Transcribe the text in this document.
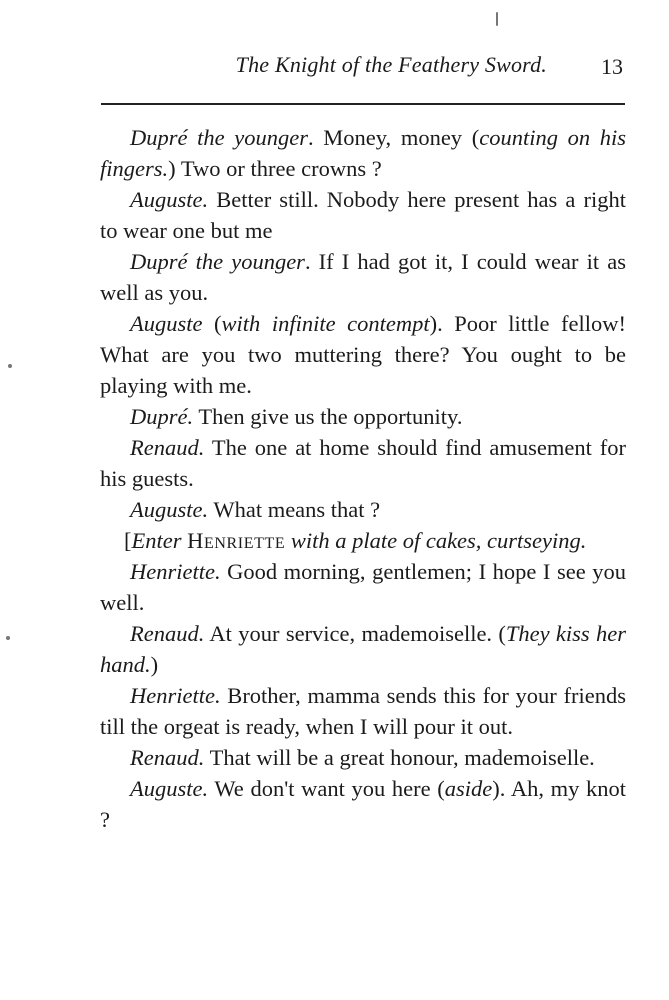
The Knight of the Feathery Sword. 13

Dupré the younger. Money, money (counting on his fingers.) Two or three crowns ?

Auguste. Better still. Nobody here present has a right to wear one but me

Dupré the younger. If I had got it, I could wear it as well as you.

Auguste (with infinite contempt). Poor little fellow! What are you two muttering there? You ought to be playing with me.

Dupré. Then give us the opportunity.

Renaud. The one at home should find amusement for his guests.

Auguste. What means that ?

[Enter Henriette with a plate of cakes, curtseying.

Henriette. Good morning, gentlemen; I hope I see you well.

Renaud. At your service, mademoiselle. (They kiss her hand.)

Henriette. Brother, mamma sends this for your friends till the orgeat is ready, when I will pour it out.

Renaud. That will be a great honour, mademoiselle.

Auguste. We don't want you here (aside). Ah, my knot ?
